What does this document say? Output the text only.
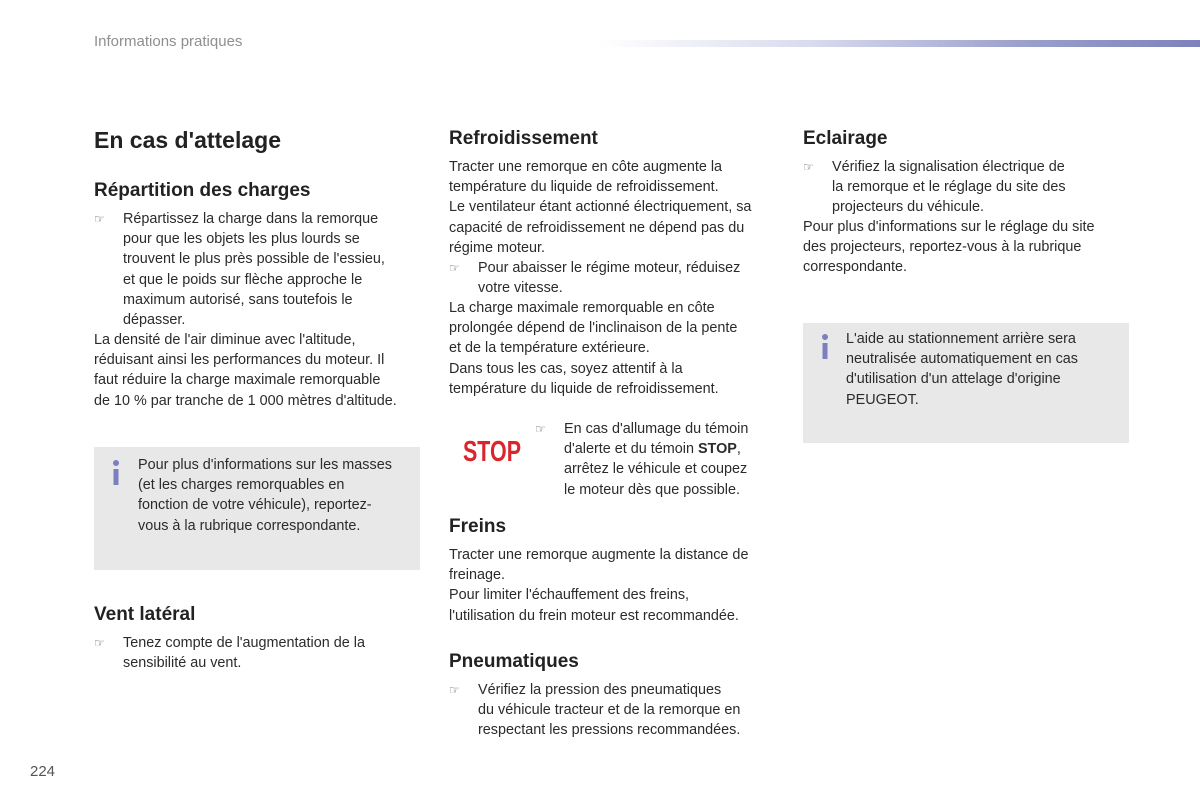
Informations pratiques
En cas d'attelage
Répartition des charges
☞ Répartissez la charge dans la remorque
pour que les objets les plus lourds se
trouvent le plus près possible de l'essieu,
et que le poids sur flèche approche le
maximum autorisé, sans toutefois le
dépasser.

La densité de l'air diminue avec l'altitude,
réduisant ainsi les performances du moteur. Il
faut réduire la charge maximale remorquable
de 10 % par tranche de 1 000 mètres d'altitude.

Pour plus d'informations sur les masses
(et les charges remorquables en
fonction de votre véhicule), reportez-
vous à la rubrique correspondante.
Vent latéral
☞ Tenez compte de l'augmentation de la
sensibilité au vent.
Refroidissement

Tracter une remorque en côte augmente la
température du liquide de refroidissement.
Le ventilateur étant actionné électriquement, sa
capacité de refroidissement ne dépend pas du
régime moteur.

☞ Pour abaisser le régime moteur, réduisez
votre vitesse.

La charge maximale remorquable en côte
prolongée dépend de l'inclinaison de la pente
et de la température extérieure.
Dans tous les cas, soyez attentif à la
température du liquide de refroidissement.

STOP
☞ En cas d'allumage du témoin
d'alerte et du témoin STOP,
arrêtez le véhicule et coupez
le moteur dès que possible.
Freins

Tracter une remorque augmente la distance de
freinage.
Pour limiter l'échauffement des freins,
l'utilisation du frein moteur est recommandée.

Pneumatiques
☞ Vérifiez la pression des pneumatiques
du véhicule tracteur et de la remorque en
respectant les pressions recommandées.
Eclairage
☞ Vérifiez la signalisation électrique de
la remorque et le réglage du site des
projecteurs du véhicule.

Pour plus d'informations sur le réglage du site
des projecteurs, reportez-vous à la rubrique
correspondante.

L'aide au stationnement arrière sera
neutralisée automatiquement en cas
d'utilisation d'un attelage d'origine
PEUGEOT.
224
